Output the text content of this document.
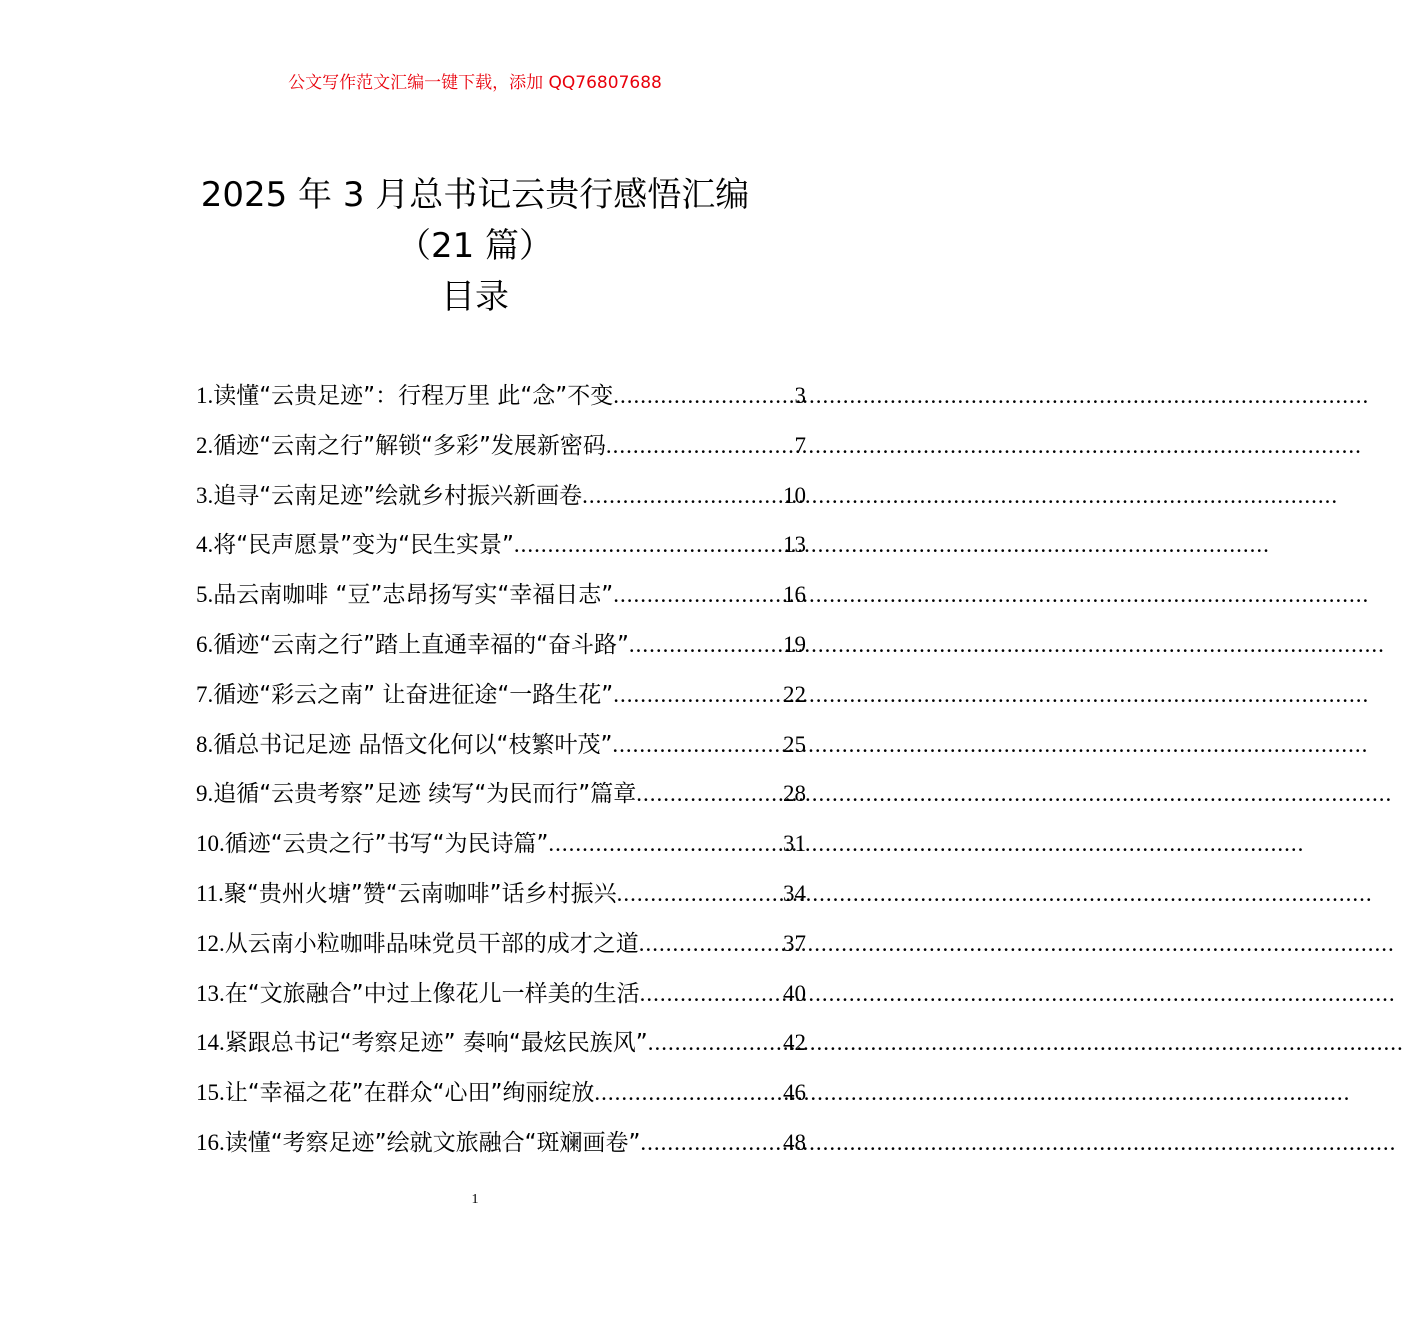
公文写作范文汇编一键下载，添加 QQ76807688
2025 年 3 月总书记云贵行感悟汇编
（21 篇）
目录
1. 读懂“云贵足迹”：行程万里 此“念”不变 .....	3
2. 循迹“云南之行”解锁“多彩”发展新密码 .....	7
3. 追寻“云南足迹”绘就乡村振兴新画卷 .....	10
4. 将“民声愿景”变为“民生实景” .....	13
5. 品云南咖啡 “豆”志昂扬写实“幸福日志” .....	16
6. 循迹“云南之行”踏上直通幸福的“奋斗路” .....	19
7. 循迹“彩云之南” 让奋进征途“一路生花” .....	22
8. 循总书记足迹 品悟文化何以“枝繁叶茂” .....	25
9. 追循“云贵考察”足迹 续写“为民而行”篇章 .....	28
10. 循迹“云贵之行”书写“为民诗篇” .....	31
11. 聚“贵州火塘”赞“云南咖啡”话乡村振兴 .....	34
12. 从云南小粒咖啡品味党员干部的成才之道 .....	37
13. 在“文旅融合”中过上像花儿一样美的生活 .....	40
14. 紧跟总书记“考察足迹” 奏响“最炫民族风” .....	42
15. 让“幸福之花”在群众“心田”绚丽绽放 .....	46
16. 读懂“考察足迹”绘就文旅融合“斑斓画卷” .....	48
1
